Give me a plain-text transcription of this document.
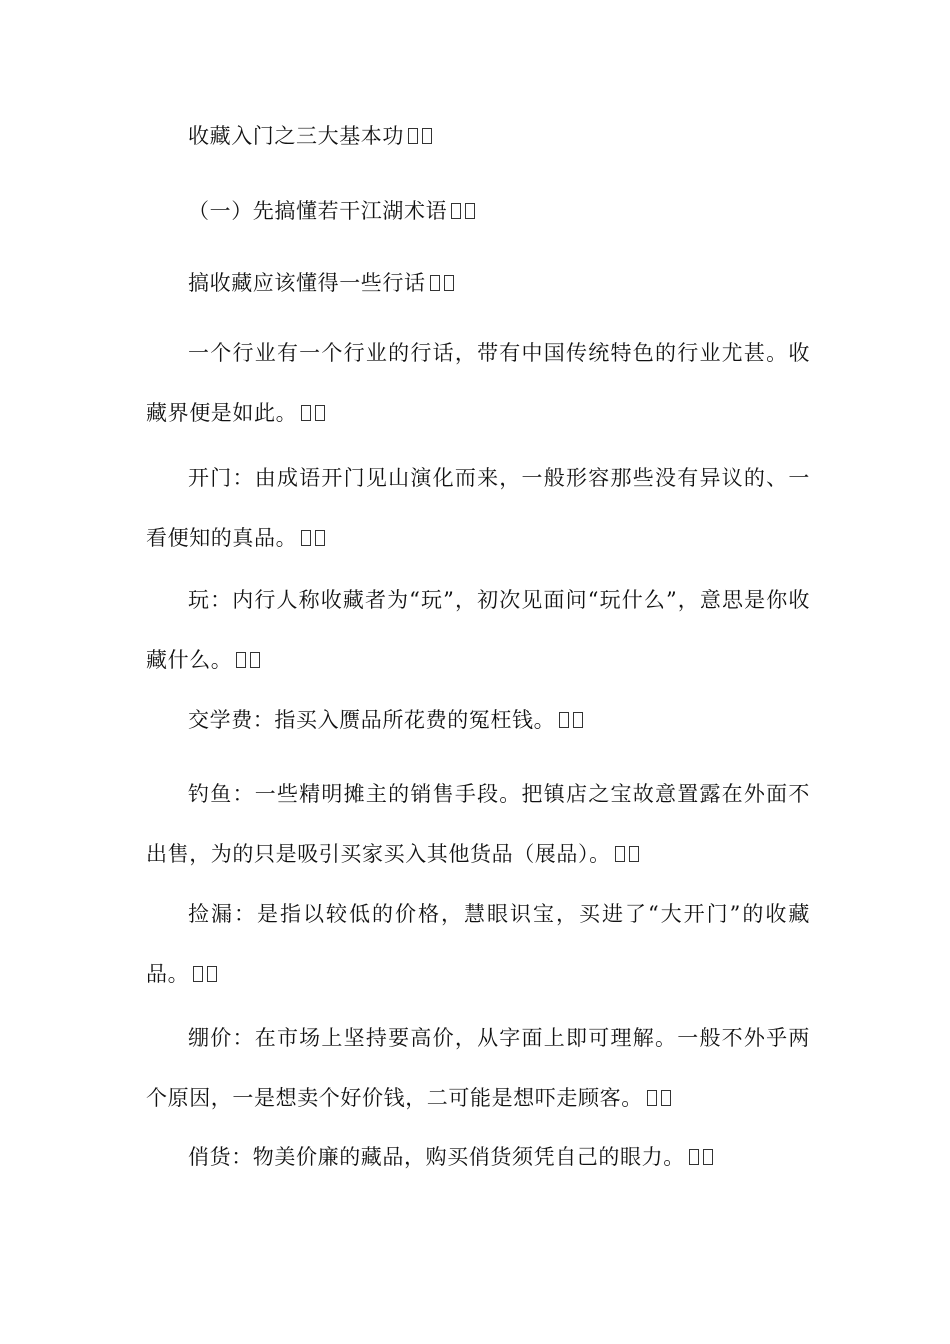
收藏入门之三大基本功

（一）先搞懂若干江湖术语

搞收藏应该懂得一些行话

一个行业有一个行业的行话，带有中国传统特色的行业尤甚。收藏界便是如此。

开门：由成语开门见山演化而来，一般形容那些没有异议的、一看便知的真品。

玩：内行人称收藏者为“玩”，初次见面问“玩什么”，意思是你收藏什么。

交学费：指买入赝品所花费的冤枉钱。

钓鱼：一些精明摊主的销售手段。把镇店之宝故意置露在外面不出售，为的只是吸引买家买入其他货品（展品）。

捡漏：是指以较低的价格，慧眼识宝，买进了“大开门”的收藏品。

绷价：在市场上坚持要高价，从字面上即可理解。一般不外乎两个原因，一是想卖个好价钱，二可能是想吓走顾客。

俏货：物美价廉的藏品，购买俏货须凭自己的眼力。
